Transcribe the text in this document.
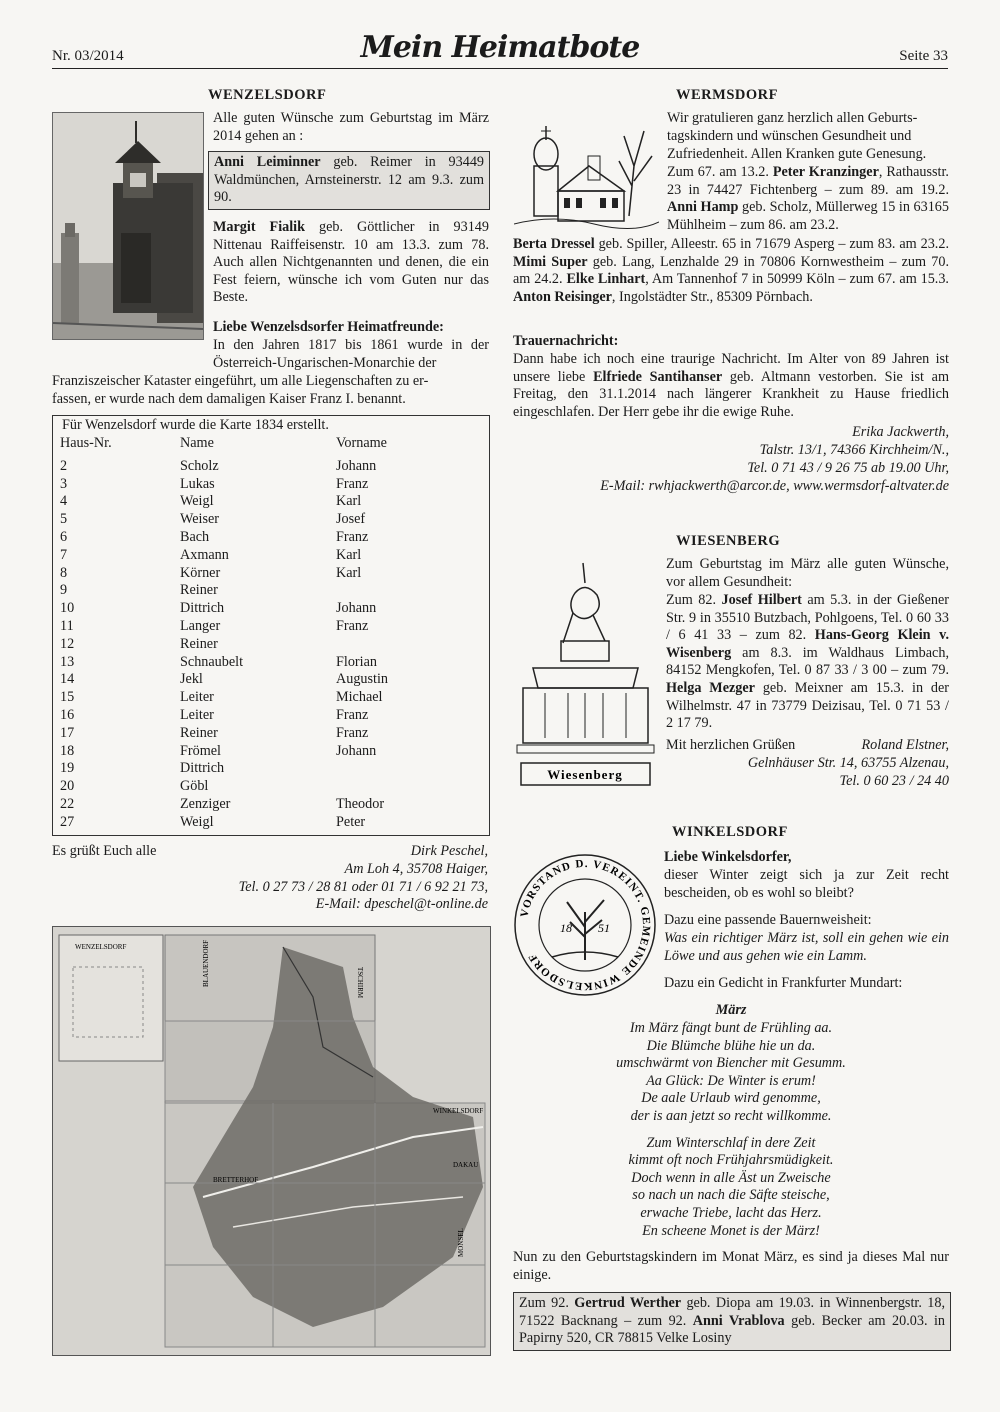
Nr. 03/2014	Mein Heimatbote	Seite 33
WENZELSDORF

Alle guten Wünsche zum Geburtstag im März 2014 gehen an :

Anni Leiminner geb. Reimer in 93449 Waldmünchen, Arnsteinerstr. 12 am 9.3. zum 90.

Margit Fialik geb. Göttlicher in 93149 Nittenau Raiffeisenstr. 10 am 13.3. zum 78. Auch allen Nichtgenannten und denen, die ein Fest feiern, wünsche ich vom Guten nur das Beste.

Liebe Wenzelsdsorfer Heimatfreunde:

In den Jahren 1817 bis 1861 wurde in der Österreich-Ungarischen-Monarchie der

Franziszeischer Kataster eingeführt, um alle Liegenschaften zu er-

fassen, er wurde nach dem damaligen Kaiser Franz I. benannt.

Für Wenzelsdorf wurde die Karte 1834 erstellt.
Haus-Nr.	Name	Vorname

2	Scholz	Johann
3	Lukas	Franz
4	Weigl	Karl
5	Weiser	Josef
6	Bach	Franz
7	Axmann	Karl
8	Körner	Karl
9	Reiner	
10	Dittrich	Johann
11	Langer	Franz
12	Reiner	
13	Schnaubelt	Florian
14	Jekl	Augustin
15	Leiter	Michael
16	Leiter	Franz
17	Reiner	Franz
18	Frömel	Johann
19	Dittrich	
20	Göbl	
22	Zenziger	Theodor
27	Weigl	Peter
Es grüßt Euch alle	Dirk Peschel,
Am Loh 4, 35708 Haiger,
Tel. 0 27 73 / 28 81 oder 01 71 / 6 92 21 73,
E-Mail: dpeschel@t-online.de
WENZELSDORF	BLAUENDORF	TSCHIRM
WINKELSDORF
DAKAU
BRETTERHOF
MONSEL
WERMSDORF
Wir gratulieren ganz herzlich allen Geburts-
tagskindern und wünschen Gesundheit und
Zufriedenheit. Allen Kranken gute Genesung.

Zum 67. am 13.2. Peter Kranzinger, Rathausstr. 23 in 74427 Fichtenberg – zum 89. am 19.2. Anni Hamp geb. Scholz, Müllerweg 15 in 63165 Mühlheim – zum 86. am 23.2.

Berta Dressel geb. Spiller, Alleestr. 65 in 71679 Asperg – zum 83. am 23.2. Mimi Super geb. Lang, Lenzhalde 29 in 70806 Kornwestheim – zum 70. am 24.2. Elke Linhart, Am Tannenhof 7 in 50999 Köln – zum 67. am 15.3. Anton Reisinger, Ingolstädter Str., 85309 Pörnbach.

Trauernachricht:

Dann habe ich noch eine traurige Nachricht. Im Alter von 89 Jahren ist unsere liebe Elfriede Santihanser geb. Altmann vestorben. Sie ist am Freitag, den 31.1.2014 nach längerer Krankheit zu Hause friedlich eingeschlafen. Der Herr gebe ihr die ewige Ruhe.

Erika Jackwerth,
Talstr. 13/1, 74366 Kirchheim/N.,
Tel. 0 71 43 / 9 26 75 ab 19.00 Uhr,
E-Mail: rwhjackwerth@arcor.de, www.wermsdorf-altvater.de
WIESENBERG
Wiesenberg

Zum Geburtstag im März alle guten Wünsche, vor allem Gesundheit:

Zum 82. Josef Hilbert am 5.3. in der Gießener Str. 9 in 35510 Butzbach, Pohlgoens, Tel. 0 60 33 / 6 41 33 – zum 82. Hans-Georg Klein v. Wisenberg am 8.3. im Waldhaus Limbach, 84152 Mengkofen, Tel. 0 87 33 / 3 00 – zum 79. Helga Mezger geb. Meixner am 15.3. in der Wilhelmstr. 47 in 73779 Deizisau, Tel. 0 71 53 / 2 17 79.

Mit herzlichen Grüßen	Roland Elstner,
Gelnhäuser Str. 14, 63755 Alzenau,
Tel. 0 60 23 / 24 40
WINKELSDORF
VORSTAND D. VEREINT. GEMEINDE WINKELSDORF
18 51

Liebe Winkelsdorfer,

dieser Winter zeigt sich ja zur Zeit recht bescheiden, ob es wohl so bleibt?

Dazu eine passende Bauernweisheit:

Was ein richtiger März ist, soll ein gehen wie ein Löwe und aus gehen wie ein Lamm.

Dazu ein Gedicht in Frankfurter Mundart:

März
Im März fängt bunt de Frühling aa.
Die Blümche blühe hie un da.
umschwärmt von Biencher mit Gesumm.
Aa Glück: De Winter is erum!
De aale Urlaub wird genomme,
der is aan jetzt so recht willkomme.
Zum Winterschlaf in dere Zeit
kimmt oft noch Frühjahrsmüdigkeit.
Doch wenn in alle Äst un Zweische
so nach un nach die Säfte steische,
erwache Triebe, lacht das Herz.
En scheene Monet is der März!

Nun zu den Geburtstagskindern im Monat März, es sind ja dieses Mal nur einige.

Zum 92. Gertrud Werther geb. Diopa am 19.03. in Winnenbergstr. 18, 71522 Backnang – zum 92. Anni Vrablova geb. Becker am 20.03. in Papirny 520, CR 78815 Velke Losiny
